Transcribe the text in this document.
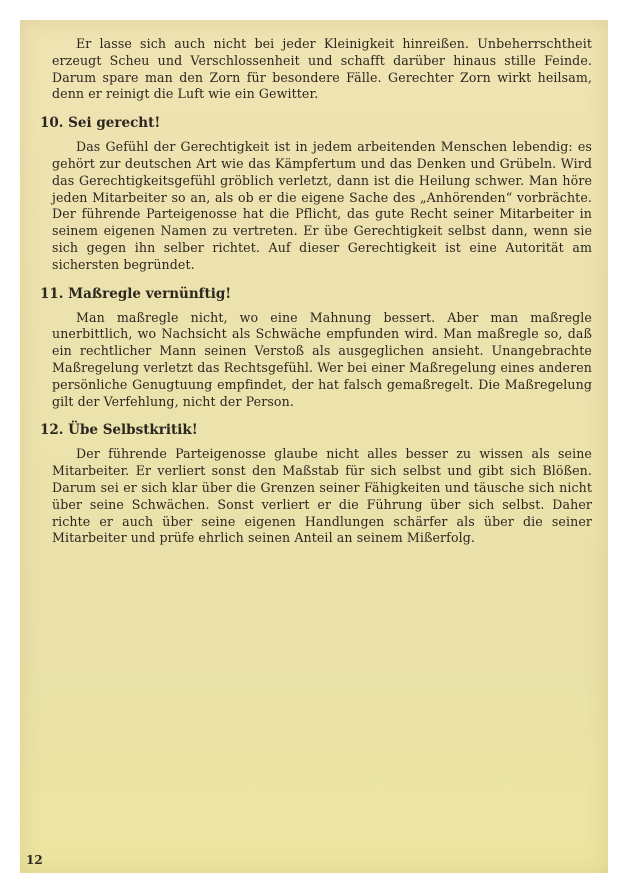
Er lasse sich auch nicht bei jeder Kleinigkeit hinreißen. Unbeherrschtheit erzeugt Scheu und Verschlossenheit und schafft darüber hinaus stille Feinde. Darum spare man den Zorn für besondere Fälle. Gerechter Zorn wirkt heilsam, denn er reinigt die Luft wie ein Gewitter.

10. Sei gerecht!

Das Gefühl der Gerechtigkeit ist in jedem arbeitenden Menschen lebendig: es gehört zur deutschen Art wie das Kämpfertum und das Denken und Grübeln. Wird das Gerechtigkeitsgefühl gröblich verletzt, dann ist die Heilung schwer. Man höre jeden Mitarbeiter so an, als ob er die eigene Sache des „Anhörenden“ vorbrächte. Der führende Parteigenosse hat die Pflicht, das gute Recht seiner Mitarbeiter in seinem eigenen Namen zu vertreten. Er übe Gerechtigkeit selbst dann, wenn sie sich gegen ihn selber richtet. Auf dieser Gerechtigkeit ist eine Autorität am sichersten begründet.

11. Maßregle vernünftig!

Man maßregle nicht, wo eine Mahnung bessert. Aber man maßregle unerbittlich, wo Nachsicht als Schwäche empfunden wird. Man maßregle so, daß ein rechtlicher Mann seinen Verstoß als ausgeglichen ansieht. Unangebrachte Maßregelung verletzt das Rechtsgefühl. Wer bei einer Maßregelung eines anderen persönliche Genugtuung empfindet, der hat falsch gemaßregelt. Die Maßregelung gilt der Verfehlung, nicht der Person.

12. Übe Selbstkritik!

Der führende Parteigenosse glaube nicht alles besser zu wissen als seine Mitarbeiter. Er verliert sonst den Maßstab für sich selbst und gibt sich Blößen. Darum sei er sich klar über die Grenzen seiner Fähigkeiten und täusche sich nicht über seine Schwächen. Sonst verliert er die Führung über sich selbst. Daher richte er auch über seine eigenen Handlungen schärfer als über die seiner Mitarbeiter und prüfe ehrlich seinen Anteil an seinem Mißerfolg.

12
